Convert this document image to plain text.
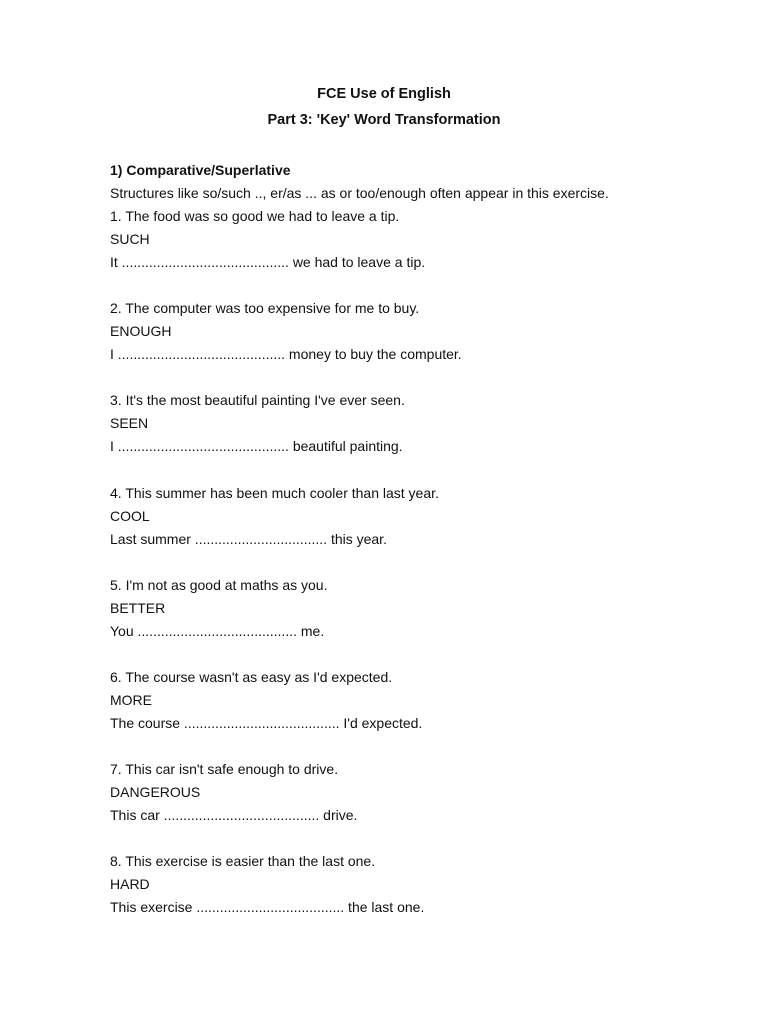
FCE Use of English
Part 3: 'Key' Word Transformation
1) Comparative/Superlative
Structures like so/such .., er/as ... as or too/enough often appear in this exercise.
1. The food was so good we had to leave a tip.
SUCH
It ........................................... we had to leave a tip.
2. The computer was too expensive for me to buy.
ENOUGH
I ........................................... money to buy the computer.
3. It's the most beautiful painting I've ever seen.
SEEN
I ............................................ beautiful painting.
4. This summer has been much cooler than last year.
COOL
Last summer .................................. this year.
5. I'm not as good at maths as you.
BETTER
You ......................................... me.
6. The course wasn't as easy as I'd expected.
MORE
The course ........................................ I'd expected.
7. This car isn't safe enough to drive.
DANGEROUS
This car ........................................ drive.
8. This exercise is easier than the last one.
HARD
This exercise ...................................... the last one.
